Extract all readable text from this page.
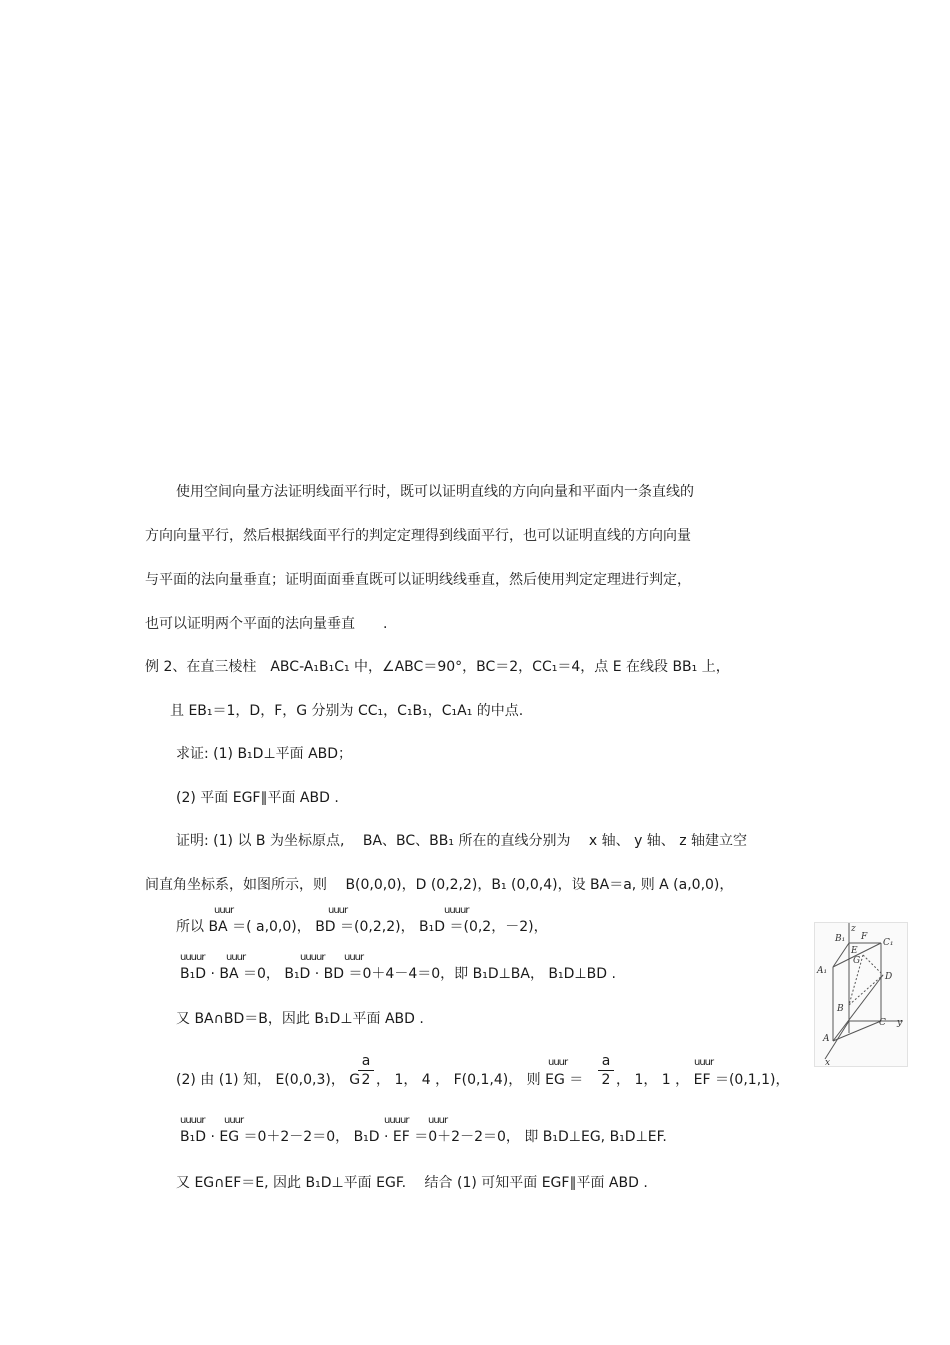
使用空间向量方法证明线面平行时，既可以证明直线的方向向量和平面内一条直线的
方向向量平行，然后根据线面平行的判定定理得到线面平行，也可以证明直线的方向向量
与平面的法向量垂直；证明面面垂直既可以证明线线垂直，然后使用判定定理进行判定，
也可以证明两个平面的法向量垂直　　.
例 2、在直三棱柱　ABC-A₁B₁C₁ 中，∠ABC＝90°，BC＝2，CC₁＝4，点 E 在线段 BB₁ 上，
且 EB₁＝1，D，F，G 分别为 CC₁，C₁B₁，C₁A₁ 的中点.
求证: (1) B₁D⊥平面 ABD；
(2) 平面 EGF∥平面 ABD .
证明: (1) 以 B 为坐标原点,　 BA、BC、BB₁ 所在的直线分别为　 x 轴、 y 轴、 z 轴建立空
间直角坐标系，如图所示，则　 B(0,0,0)，D (0,2,2)，B₁ (0,0,4)，设 BA＝a, 则 A (a,0,0)，
uuur	uuur	uuuur
所以 BA ＝( a,0,0)， BD ＝(0,2,2)， B₁D ＝(0,2，－2)，
uuuur uuur	uuuur uuur
B₁D · BA ＝0， B₁D · BD ＝0＋4－4＝0，即 B₁D⊥BA， B₁D⊥BD .
又 BA∩BD＝B，因此 B₁D⊥平面 ABD .
(2) 由 (1) 知， E(0,0,3)， G
a
2 ， 1， 4 ， F(0,1,4)， 则 EG ＝
uuur a
2 ， 1， 1 ， EF ＝(0,1,1)，
uuur
uuuur uuur	uuuur uuur
B₁D · EG ＝0＋2－2＝0， B₁D · EF ＝0＋2－2＝0， 即 B₁D⊥EG, B₁D⊥EF.
又 EG∩EF＝E, 因此 B₁D⊥平面 EGF.　 结合 (1) 可知平面 EGF∥平面 ABD .
B₁ F
C₁
G
A₁
D
E
B
C y
A
x
z
